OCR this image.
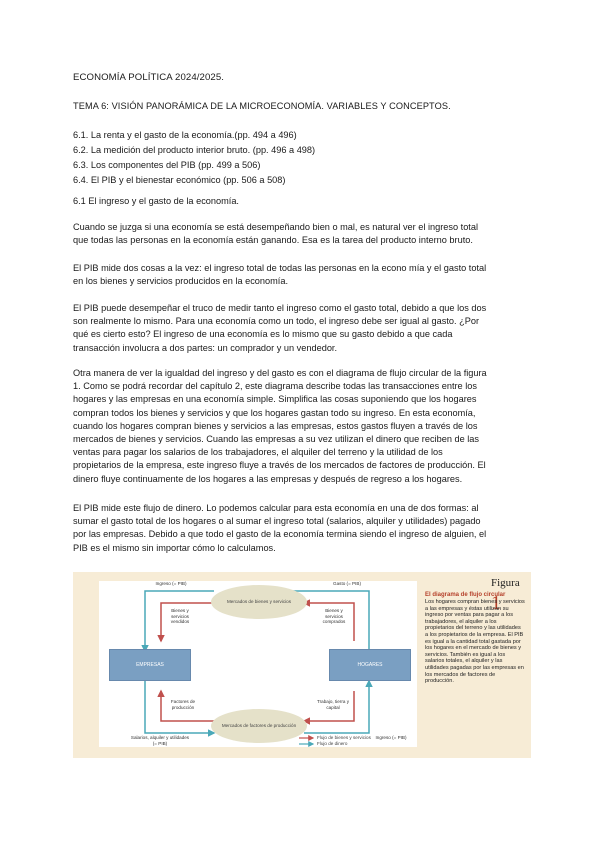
ECONOMÍA POLÍTICA 2024/2025.

TEMA 6: VISIÓN PANORÁMICA DE LA MICROECONOMÍA. VARIABLES Y CONCEPTOS.

6.1. La renta y el gasto de la economía.(pp. 494 a 496)
6.2. La medición del producto interior bruto. (pp. 496 a 498)
6.3. Los componentes del PIB (pp. 499 a 506)
6.4. El PIB y el bienestar económico (pp. 506 a 508)

6.1 El ingreso y el gasto de la economía.

Cuando se juzga si una economía se está desempeñando bien o mal, es natural ver el ingreso total
que todas las personas en la economía están ganando. Esa es la tarea del producto interno bruto.
El PIB mide dos cosas a la vez: el ingreso total de todas las personas en la econo mía y el gasto total
en los bienes y servicios producidos en la economía.
El PIB puede desempeñar el truco de medir tanto el ingreso como el gasto total, debido a que los dos
son realmente lo mismo. Para una economía como un todo, el ingreso debe ser igual al gasto. ¿Por
qué es cierto esto? El ingreso de una economía es lo mismo que su gasto debido a que cada
transacción involucra a dos partes: un comprador y un vendedor.
Otra manera de ver la igualdad del ingreso y del gasto es con el diagrama de flujo circular de la figura
1. Como se podrá recordar del capítulo 2, este diagrama describe todas las transacciones entre los
hogares y las empresas en una economía simple. Simplifica las cosas suponiendo que los hogares
compran todos los bienes y servicios y que los hogares gastan todo su ingreso. En esta economía,
cuando los hogares compran bienes y servicios a las empresas, estos gastos fluyen a través de los
mercados de bienes y servicios. Cuando las empresas a su vez utilizan el dinero que reciben de las
ventas para pagar los salarios de los trabajadores, el alquiler del terreno y la utilidad de los
propietarios de la empresa, este ingreso fluye a través de los mercados de factores de producción. El
dinero fluye continuamente de los hogares a las empresas y después de regreso a los hogares.
El PIB mide este flujo de dinero. Lo podemos calcular para esta economía en una de dos formas: al
sumar el gasto total de los hogares o al sumar el ingreso total (salarios, alquiler y utilidades) pagado
por las empresas. Debido a que todo el gasto de la economía termina siendo el ingreso de alguien, el
PIB es el mismo sin importar cómo lo calculamos.
Mercados de bienes y servicios
Mercados de factores de producción
EMPRESAS	HOGARES
Ingreso (= PIB)	Gasto (= PIB)
Bienes y servicios vendidos
Bienes y servicios comprados
Factores de producción
Trabajo, tierra y capital
Salarios, alquiler y utilidades (= PIB)
Ingreso (= PIB)
Flujo de bienes y servicios
Flujo de dinero
Figura 1
El diagrama de flujo circular
Los hogares compran bienes y servicios a las empresas y éstas utilizan su ingreso por ventas para pagar a los trabajadores, el alquiler a los propietarios del terreno y las utilidades a los propietarios de la empresa. El PIB es igual a la cantidad total gastada por los hogares en el mercado de bienes y servicios. También es igual a los salarios totales, el alquiler y las utilidades pagadas por las empresas en los mercados de factores de producción.
